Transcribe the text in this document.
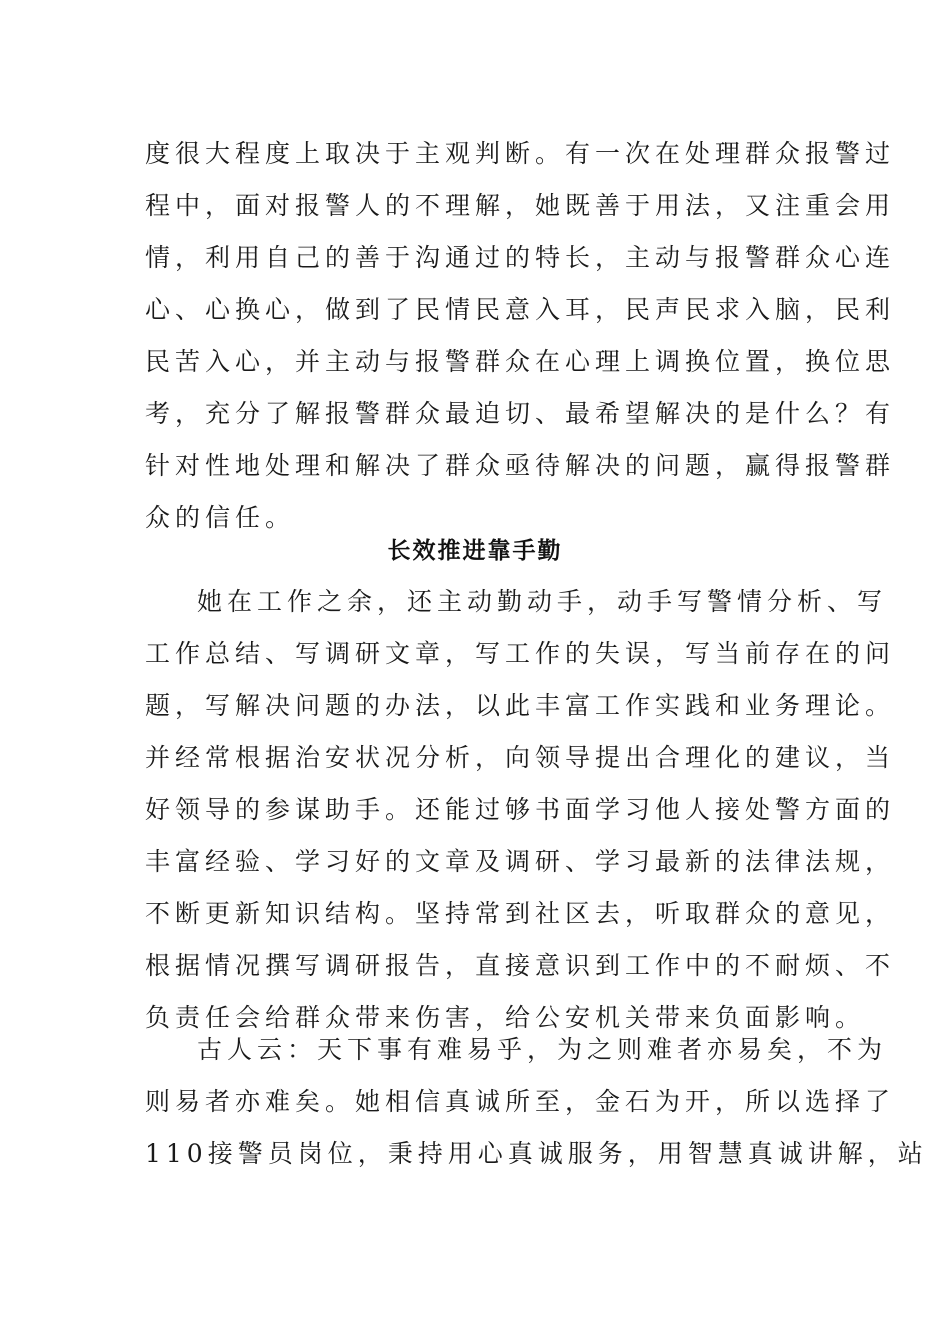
度很大程度上取决于主观判断。有一次在处理群众报警过
程中，面对报警人的不理解，她既善于用法，又注重会用
情，利用自己的善于沟通过的特长，主动与报警群众心连
心、心换心，做到了民情民意入耳，民声民求入脑，民利
民苦入心，并主动与报警群众在心理上调换位置，换位思
考，充分了解报警群众最迫切、最希望解决的是什么？有
针对性地处理和解决了群众亟待解决的问题，赢得报警群
众的信任。
长效推进靠手勤
她在工作之余，还主动勤动手，动手写警情分析、写
工作总结、写调研文章，写工作的失误，写当前存在的问
题，写解决问题的办法，以此丰富工作实践和业务理论。
并经常根据治安状况分析，向领导提出合理化的建议，当
好领导的参谋助手。还能过够书面学习他人接处警方面的
丰富经验、学习好的文章及调研、学习最新的法律法规，
不断更新知识结构。坚持常到社区去，听取群众的意见，
根据情况撰写调研报告，直接意识到工作中的不耐烦、不
负责任会给群众带来伤害，给公安机关带来负面影响。
古人云：天下事有难易乎，为之则难者亦易矣，不为
则易者亦难矣。她相信真诚所至，金石为开，所以选择了
110接警员岗位，秉持用心真诚服务，用智慧真诚讲解，站
